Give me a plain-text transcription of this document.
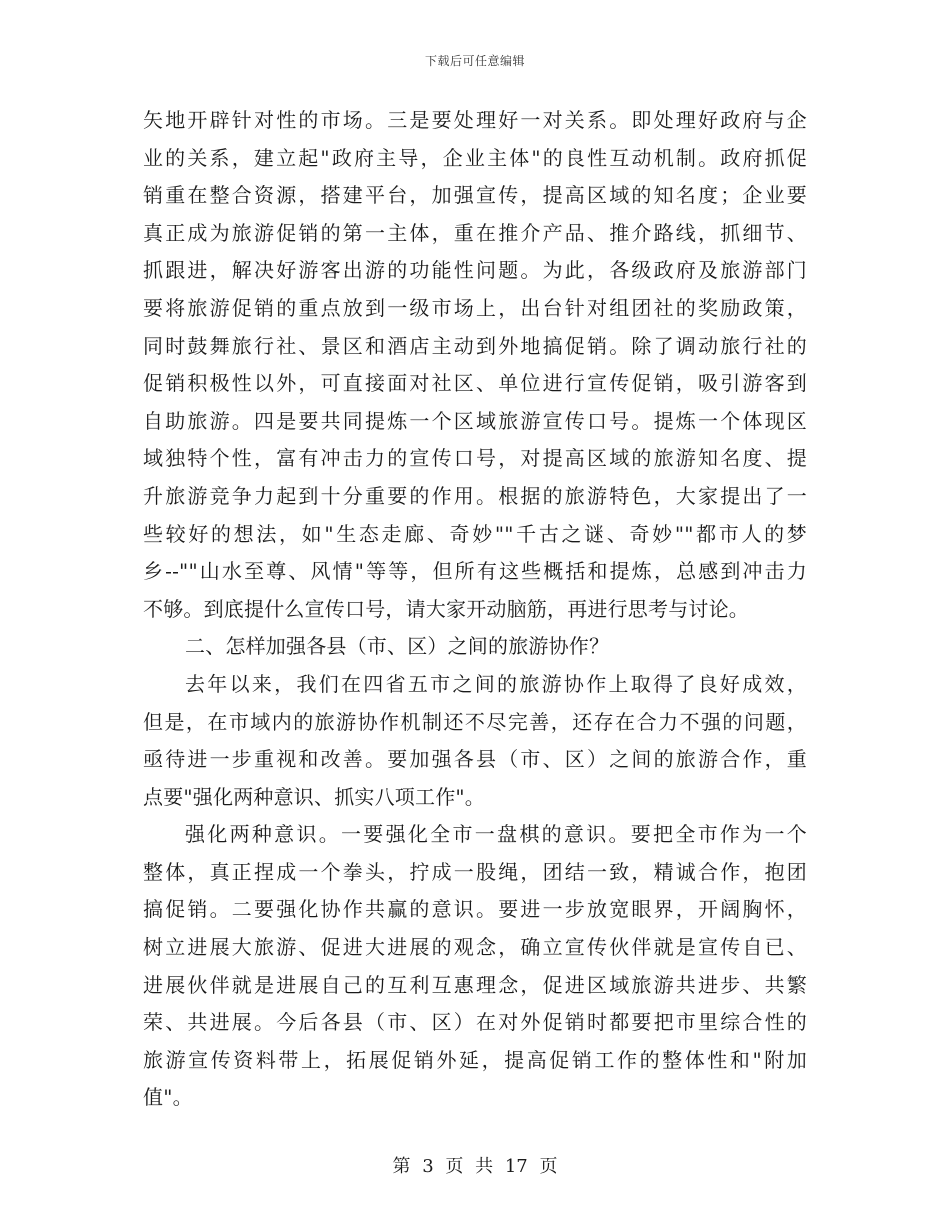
下载后可任意编辑
矢地开辟针对性的市场。三是要处理好一对关系。即处理好政府与企
业的关系，建立起"政府主导，企业主体"的良性互动机制。政府抓促
销重在整合资源，搭建平台，加强宣传，提高区域的知名度；企业要
真正成为旅游促销的第一主体，重在推介产品、推介路线，抓细节、
抓跟进，解决好游客出游的功能性问题。为此，各级政府及旅游部门
要将旅游促销的重点放到一级市场上，出台针对组团社的奖励政策，
同时鼓舞旅行社、景区和酒店主动到外地搞促销。除了调动旅行社的
促销积极性以外，可直接面对社区、单位进行宣传促销，吸引游客到
自助旅游。四是要共同提炼一个区域旅游宣传口号。提炼一个体现区
域独特个性，富有冲击力的宣传口号，对提高区域的旅游知名度、提
升旅游竞争力起到十分重要的作用。根据的旅游特色，大家提出了一
些较好的想法，如"生态走廊、奇妙""千古之谜、奇妙""都市人的梦
乡--""山水至尊、风情"等等，但所有这些概括和提炼，总感到冲击力
不够。到底提什么宣传口号，请大家开动脑筋，再进行思考与讨论。
二、怎样加强各县（市、区）之间的旅游协作？
去年以来，我们在四省五市之间的旅游协作上取得了良好成效，
但是，在市域内的旅游协作机制还不尽完善，还存在合力不强的问题，
亟待进一步重视和改善。要加强各县（市、区）之间的旅游合作，重
点要"强化两种意识、抓实八项工作"。
强化两种意识。一要强化全市一盘棋的意识。要把全市作为一个
整体，真正捏成一个拳头，拧成一股绳，团结一致，精诚合作，抱团
搞促销。二要强化协作共赢的意识。要进一步放宽眼界，开阔胸怀，
树立进展大旅游、促进大进展的观念，确立宣传伙伴就是宣传自已、
进展伙伴就是进展自己的互利互惠理念，促进区域旅游共进步、共繁
荣、共进展。今后各县（市、区）在对外促销时都要把市里综合性的
旅游宣传资料带上，拓展促销外延，提高促销工作的整体性和"附加
值"。
第 3 页 共 17 页
